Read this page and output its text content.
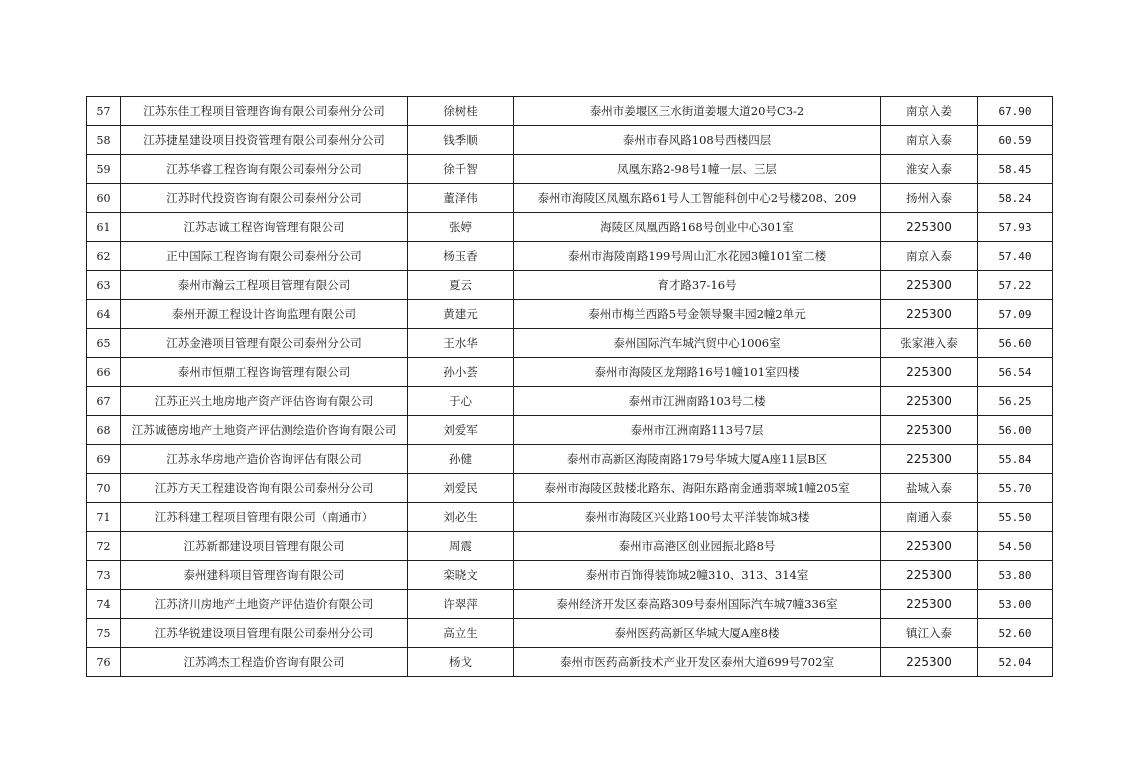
57	江苏东佳工程项目管理咨询有限公司泰州分公司	徐树桂	泰州市姜堰区三水街道姜堰大道20号C3-2	南京入姜	67.90
58	江苏捷星建设项目投资管理有限公司泰州分公司	钱季顺	泰州市春风路108号西楼四层	南京入泰	60.59
59	江苏华睿工程咨询有限公司泰州分公司	徐千智	凤凰东路2-98号1幢一层、三层	淮安入泰	58.45
60	江苏时代投资咨询有限公司泰州分公司	董泽伟	泰州市海陵区凤凰东路61号人工智能科创中心2号楼208、209	扬州入泰	58.24
61	江苏志诚工程咨询管理有限公司	张婷	海陵区凤凰西路168号创业中心301室	225300	57.93
62	正中国际工程咨询有限公司泰州分公司	杨玉香	泰州市海陵南路199号周山汇水花园3幢101室二楼	南京入泰	57.40
63	泰州市瀚云工程项目管理有限公司	夏云	育才路37-16号	225300	57.22
64	泰州开源工程设计咨询监理有限公司	黄建元	泰州市梅兰西路5号金领导聚丰园2幢2单元	225300	57.09
65	江苏金港项目管理有限公司泰州分公司	王水华	泰州国际汽车城汽贸中心1006室	张家港入泰	56.60
66	泰州市恒鼎工程咨询管理有限公司	孙小荟	泰州市海陵区龙翔路16号1幢101室四楼	225300	56.54
67	江苏正兴土地房地产资产评估咨询有限公司	于心	泰州市江洲南路103号二楼	225300	56.25
68	江苏诚德房地产土地资产评估测绘造价咨询有限公司	刘爱军	泰州市江洲南路113号7层	225300	56.00
69	江苏永华房地产造价咨询评估有限公司	孙健	泰州市高新区海陵南路179号华城大厦A座11层B区	225300	55.84
70	江苏方天工程建设咨询有限公司泰州分公司	刘爱民	泰州市海陵区鼓楼北路东、海阳东路南金通翡翠城1幢205室	盐城入泰	55.70
71	江苏科建工程项目管理有限公司（南通市）	刘必生	泰州市海陵区兴业路100号太平洋装饰城3楼	南通入泰	55.50
72	江苏新都建设项目管理有限公司	周震	泰州市高港区创业园振北路8号	225300	54.50
73	泰州建科项目管理咨询有限公司	栾晓文	泰州市百饰得装饰城2幢310、313、314室	225300	53.80
74	江苏济川房地产土地资产评估造价有限公司	许翠萍	泰州经济开发区泰高路309号泰州国际汽车城7幢336室	225300	53.00
75	江苏华锐建设项目管理有限公司泰州分公司	高立生	泰州医药高新区华城大厦A座8楼	镇江入泰	52.60
76	江苏鸿杰工程造价咨询有限公司	杨戈	泰州市医药高新技术产业开发区泰州大道699号702室	225300	52.04
